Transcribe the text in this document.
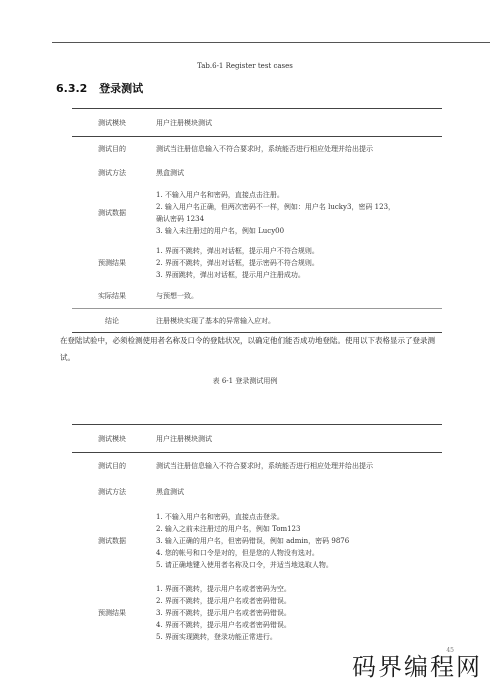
Tab.6-1 Register test cases
6.3.2 登录测试
测试模块	用户注册模块测试
测试目的	测试当注册信息输入不符合要求时，系统能否进行相应处理并给出提示
测试方法	黑盒测试
测试数据	1. 不输入用户名和密码，直接点击注册。
2. 输入用户名正确，但两次密码不一样，例如：用户名 lucky3，密码 123，
确认密码 1234
3. 输入未注册过的用户名，例如 Lucy00

预测结果	1. 界面不跳转，弹出对话框，提示用户不符合规则。
2. 界面不跳转，弹出对话框，提示密码不符合规则。
3. 界面跳转，弹出对话框，提示用户注册成功。

实际结果	与预想一致。
结论	注册模块实现了基本的异常输入应对。
在登陆试验中，必须检测使用者名称及口令的登陆状况，以确定他们能否成功地登陆。使用以下表格显示了登录测试。
表 6-1 登录测试用例
测试模块	用户注册模块测试
测试目的	测试当注册信息输入不符合要求时，系统能否进行相应处理并给出提示
测试方法	黑盒测试
测试数据	1. 不输入用户名和密码，直接点击登录。
2. 输入之前未注册过的用户名，例如 Tom123
3. 输入正确的用户名，但密码错误，例如 admin，密码 9876
4. 您的帐号和口令是对的，但是您的人物没有选对。
5. 请正确地键入使用者名称及口令，并适当地选取人物。

预测结果	1. 界面不跳转，提示用户名或者密码为空。
2. 界面不跳转，提示用户名或者密码错误。
3. 界面不跳转，提示用户名或者密码错误。
4. 界面不跳转，提示用户名或者密码错误。
5. 界面实现跳转，登录功能正常进行。
45
码界编程网
